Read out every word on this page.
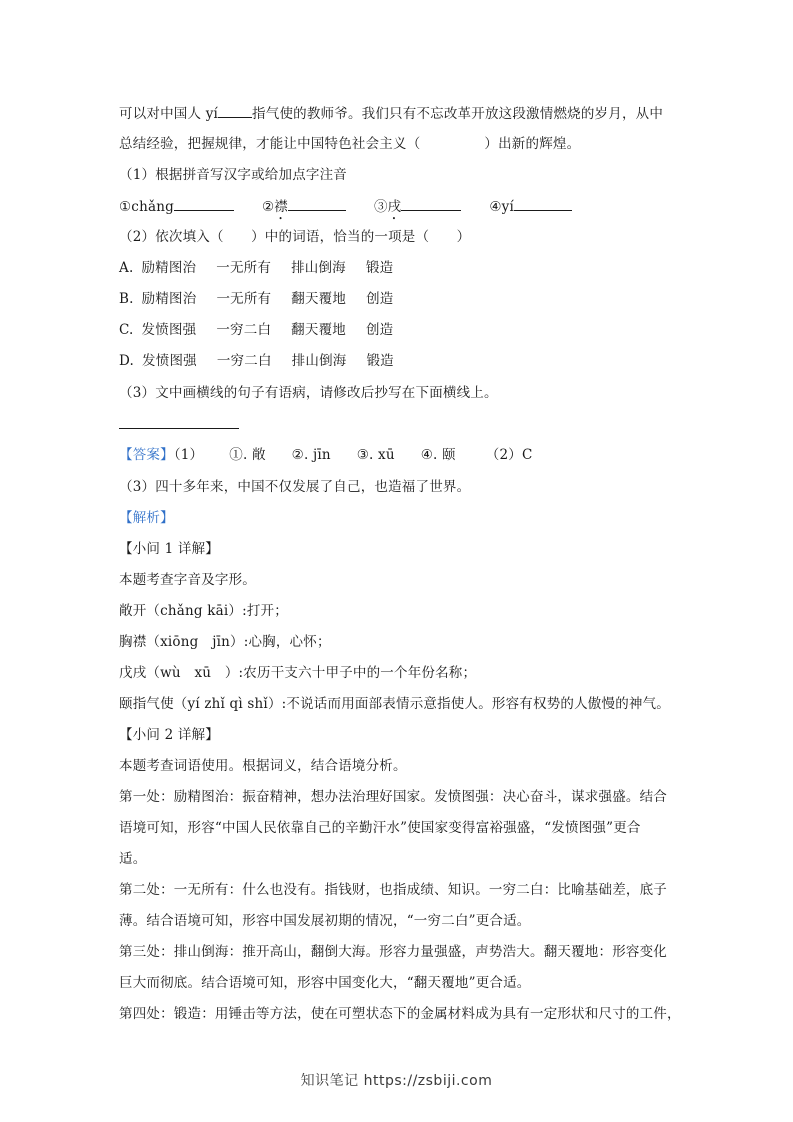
可以对中国人 yí	指气使的教师爷。我们只有不忘改革开放这段激情燃烧的岁月，从中
总结经验，把握规律，才能让中国特色社会主义（	）出新的辉煌。
（1）根据拼音写汉字或给加点字注音
①chǎng	②襟	③戌	④yí
（2）依次填入（　　）中的词语，恰当的一项是（　　）
A. 励精图治 一无所有 排山倒海 锻造
B. 励精图治 一无所有 翻天覆地 创造
C. 发愤图强 一穷二白 翻天覆地 创造
D. 发愤图强 一穷二白 排山倒海 锻造
（3）文中画横线的句子有语病，请修改后抄写在下面横线上。
【答案】（1） ①. 敞 ②. jīn ③. xū ④. 颐 （2）C
（3）四十多年来，中国不仅发展了自己，也造福了世界。
【解析】
【小问 1 详解】
本题考查字音及字形。
敞开（chǎng kāi）:打开；
胸襟（xiōng　jīn）:心胸，心怀；
戊戌（wù　xū　）:农历干支六十甲子中的一个年份名称；
颐指气使（yí zhǐ qì shǐ）:不说话而用面部表情示意指使人。形容有权势的人傲慢的神气。
【小问 2 详解】
本题考查词语使用。根据词义，结合语境分析。
第一处：励精图治：振奋精神，想办法治理好国家。发愤图强：决心奋斗，谋求强盛。结合
语境可知，形容“中国人民依靠自己的辛勤汗水”使国家变得富裕强盛，“发愤图强”更合
适。
第二处：一无所有：什么也没有。指钱财，也指成绩、知识。一穷二白：比喻基础差，底子
薄。结合语境可知，形容中国发展初期的情况，“一穷二白”更合适。
第三处：排山倒海：推开高山，翻倒大海。形容力量强盛，声势浩大。翻天覆地：形容变化
巨大而彻底。结合语境可知，形容中国变化大，“翻天覆地”更合适。
第四处：锻造：用锤击等方法，使在可塑状态下的金属材料成为具有一定形状和尺寸的工件，
知识笔记 https://zsbiji.com
